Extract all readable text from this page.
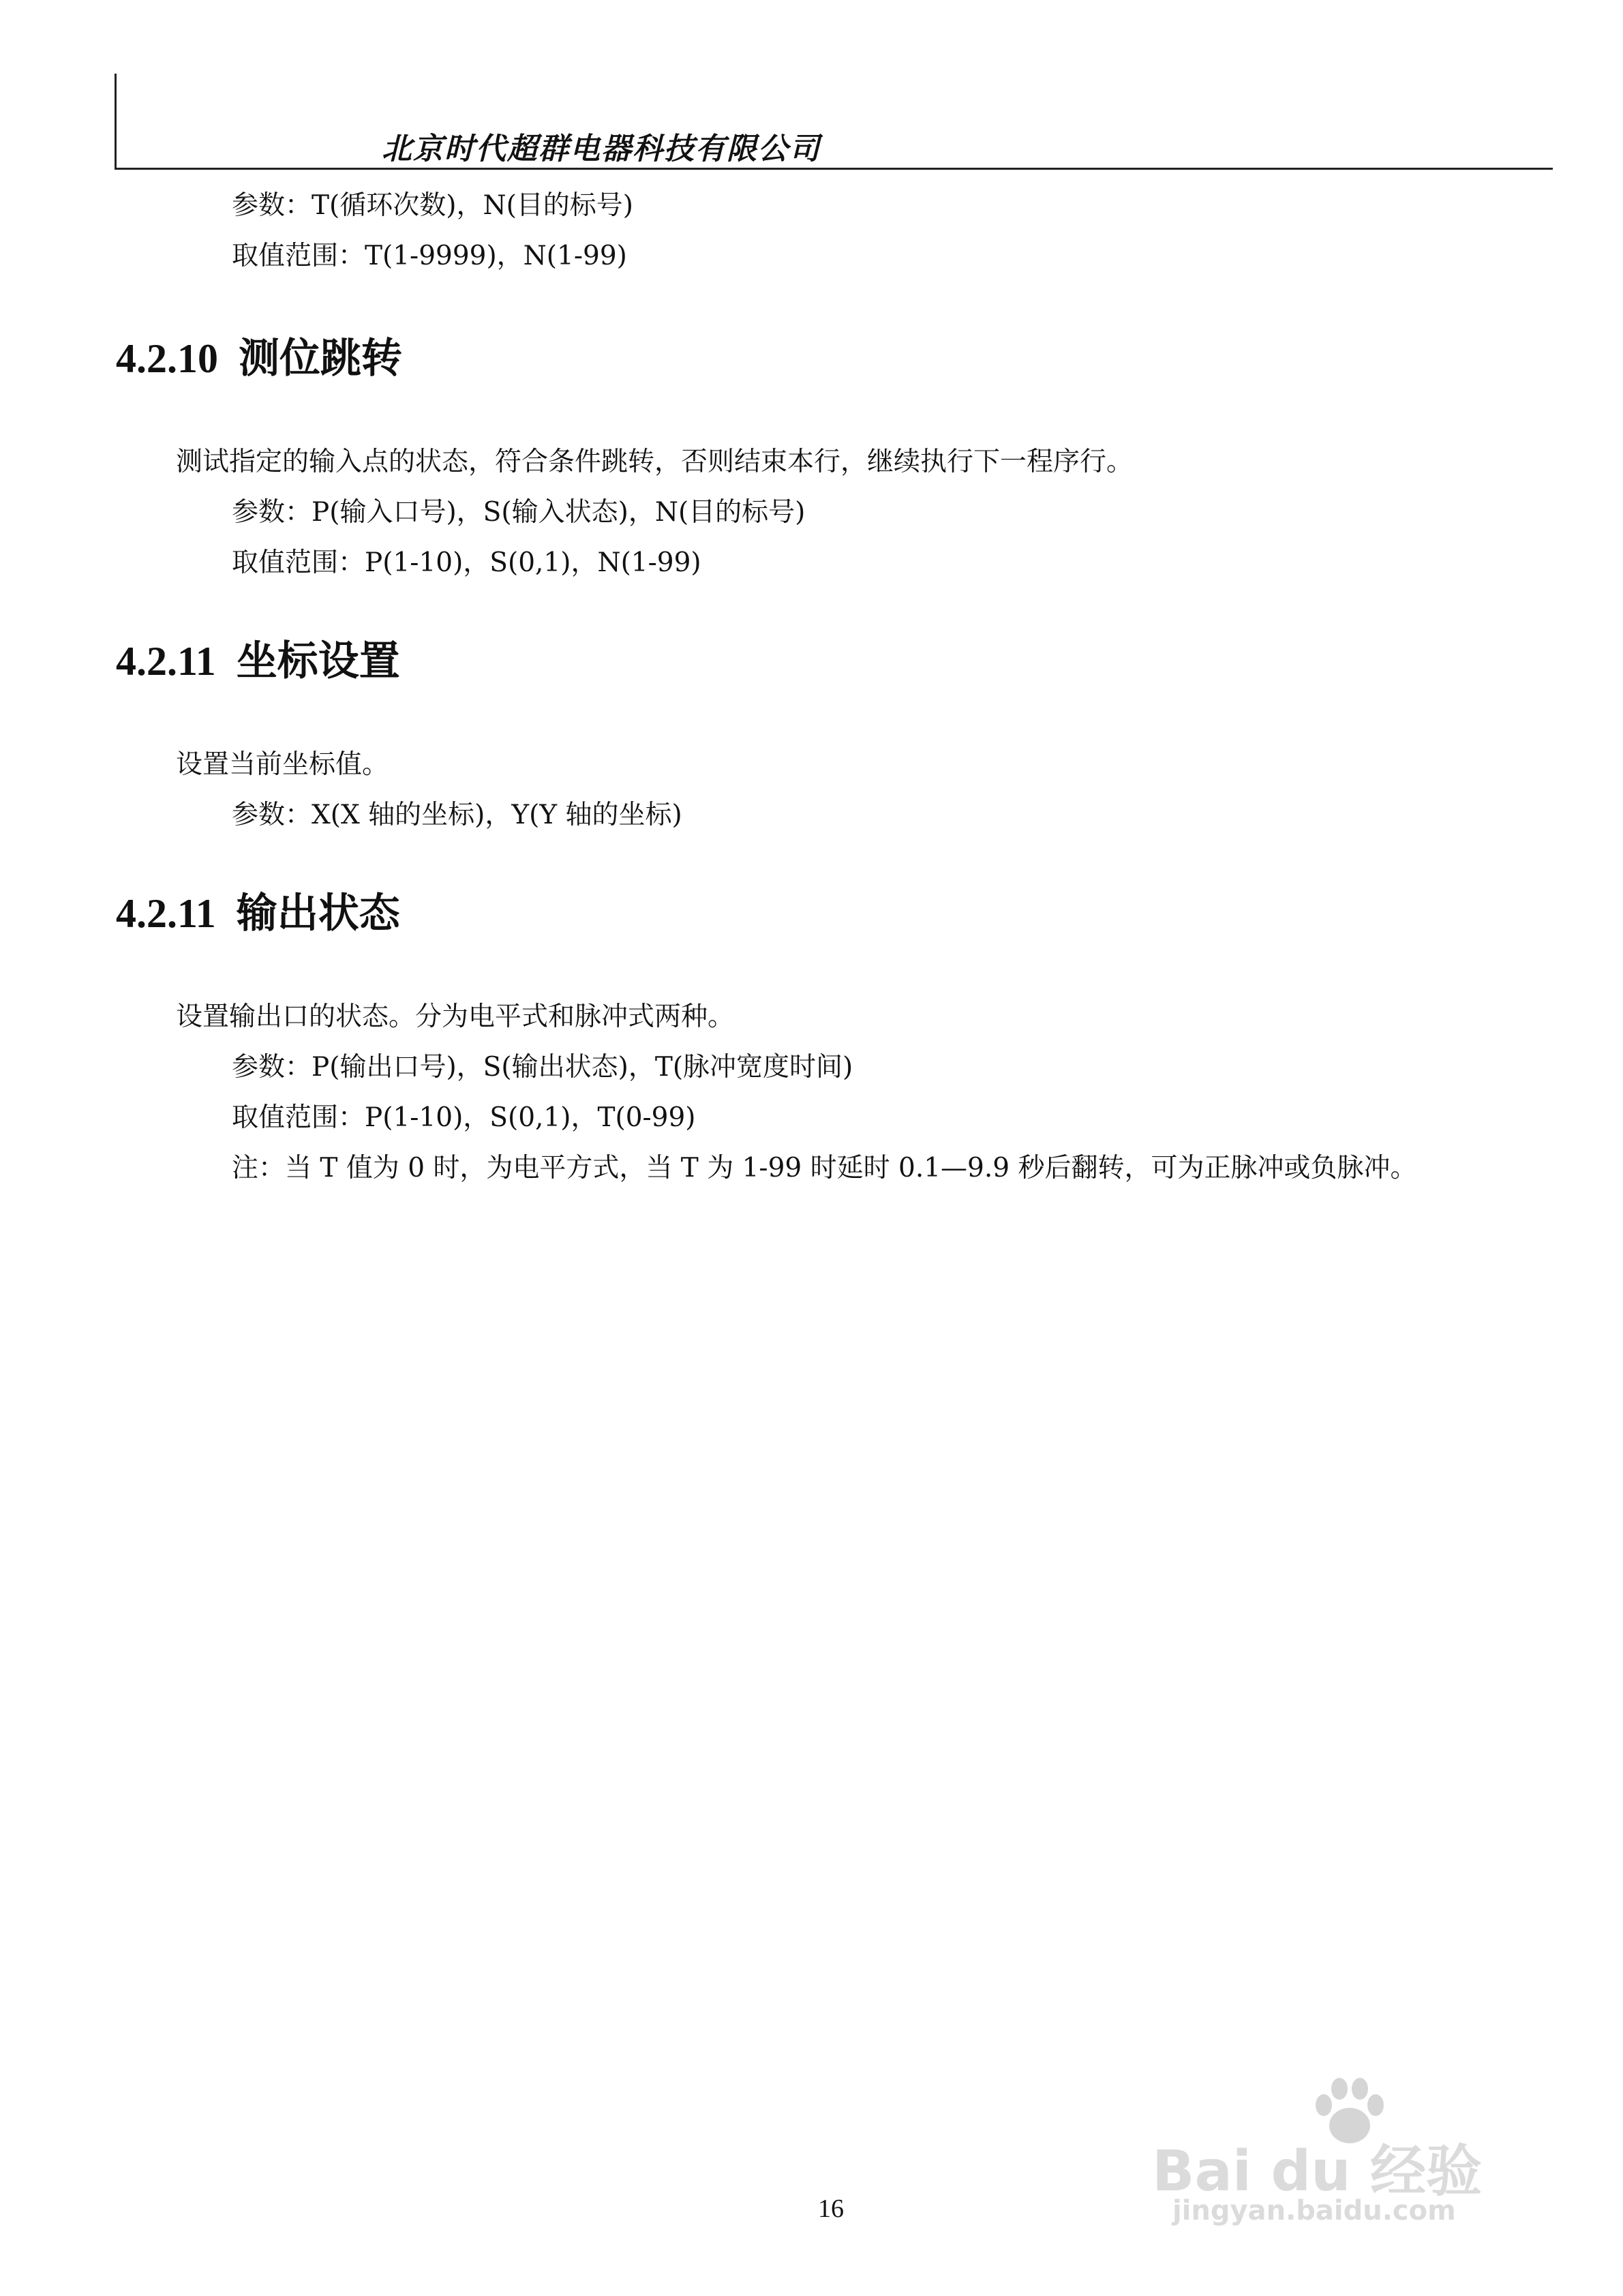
北京时代超群电器科技有限公司
参数：T(循环次数)，N(目的标号)
取值范围：T(1-9999)，N(1-99)
4.2.10 测位跳转
测试指定的输入点的状态，符合条件跳转，否则结束本行，继续执行下一程序行。
参数：P(输入口号)，S(输入状态)，N(目的标号)
取值范围：P(1-10)，S(0,1)，N(1-99)
4.2.11 坐标设置
设置当前坐标值。
参数：X(X 轴的坐标)，Y(Y 轴的坐标)
4.2.11 输出状态
设置输出口的状态。分为电平式和脉冲式两种。
参数：P(输出口号)，S(输出状态)，T(脉冲宽度时间)
取值范围：P(1-10)，S(0,1)，T(0-99)
注：当 T 值为 0 时，为电平方式，当 T 为 1-99 时延时 0.1—9.9 秒后翻转，可为正脉冲或负脉冲。
16
Bai du 经验
jingyan.baidu.com
